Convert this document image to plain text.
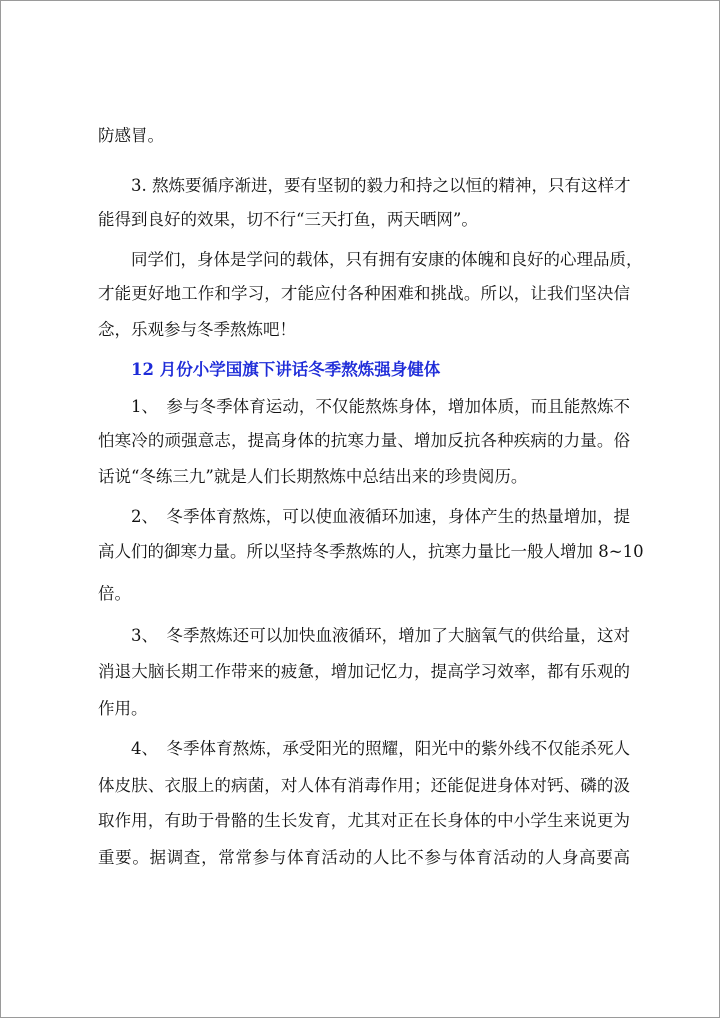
防感冒。
3. 熬炼要循序渐进，要有坚韧的毅力和持之以恒的精神，只有这样才
能得到良好的效果，切不行“三天打鱼，两天晒网”。
同学们，身体是学问的载体，只有拥有安康的体魄和良好的心理品质，
才能更好地工作和学习，才能应付各种困难和挑战。所以，让我们坚决信
念，乐观参与冬季熬炼吧！
12 月份小学国旗下讲话冬季熬炼强身健体
1、　参与冬季体育运动，不仅能熬炼身体，增加体质，而且能熬炼不
怕寒冷的顽强意志，提高身体的抗寒力量、增加反抗各种疾病的力量。俗
话说“冬练三九”就是人们长期熬炼中总结出来的珍贵阅历。
2、　冬季体育熬炼，可以使血液循环加速，身体产生的热量增加，提
高人们的御寒力量。所以坚持冬季熬炼的人，抗寒力量比一般人增加 8~10
倍。
3、　冬季熬炼还可以加快血液循环，增加了大脑氧气的供给量，这对
消退大脑长期工作带来的疲惫，增加记忆力，提高学习效率，都有乐观的
作用。
4、　冬季体育熬炼，承受阳光的照耀，阳光中的紫外线不仅能杀死人
体皮肤、衣服上的病菌，对人体有消毒作用；还能促进身体对钙、磷的汲
取作用，有助于骨骼的生长发育，尤其对正在长身体的中小学生来说更为
重要。据调查，常常参与体育活动的人比不参与体育活动的人身高要高
